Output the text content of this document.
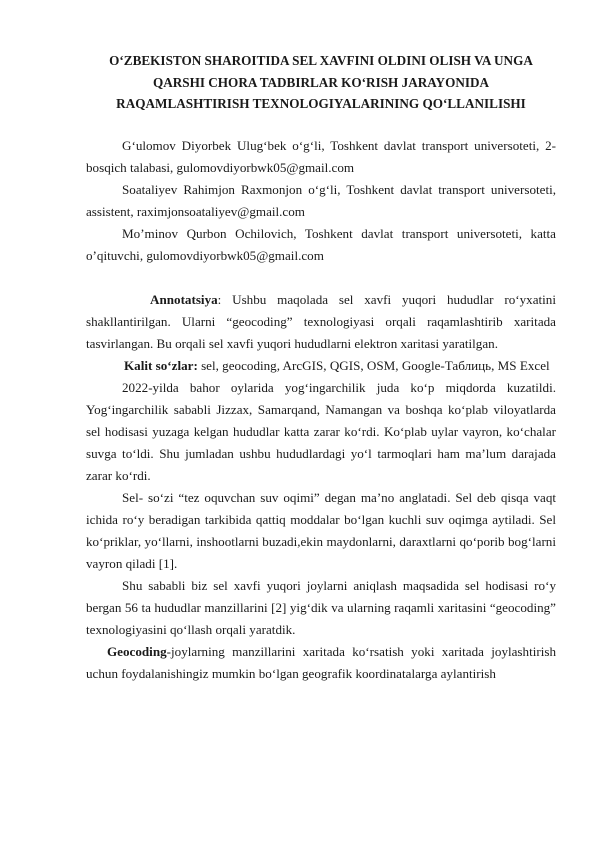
O‘ZBEKISTON SHAROITIDA SEL XAVFINI OLDINI OLISH VA UNGA
QARSHI CHORA TADBIRLAR KO‘RISH JARAYONIDA
RAQAMLASHTIRISH TEXNOLOGIYALARINING QO‘LLANILISHI

G‘ulomov Diyorbek Ulug‘bek o‘g‘li, Toshkent davlat transport universoteti, 2-bosqich talabasi, gulomovdiyorbwk05@gmail.com

Soataliyev Rahimjon Raxmonjon o‘g‘li, Toshkent davlat transport universoteti, assistent, raximjonsoataliyev@gmail.com

Mo’minov Qurbon Ochilovich, Toshkent davlat transport universoteti, katta o’qituvchi, gulomovdiyorbwk05@gmail.com

Annotatsiya: Ushbu maqolada sel xavfi yuqori hududlar ro‘yxatini shakllantirilgan. Ularni “geocoding” texnologiyasi orqali raqamlashtirib xaritada tasvirlangan. Bu orqali sel xavfi yuqori hududlarni elektron xaritasi yaratilgan.

Kalit so‘zlar: sel, geocoding, ArcGIS, QGIS, OSM, Google-Таблиць, MS Excel

2022-yilda bahor oylarida yog‘ingarchilik juda ko‘p miqdorda kuzatildi. Yog‘ingarchilik sababli Jizzax, Samarqand, Namangan va boshqa ko‘plab viloyatlarda sel hodisasi yuzaga kelgan hududlar katta zarar ko‘rdi. Ko‘plab uylar vayron, ko‘chalar suvga to‘ldi. Shu jumladan ushbu hududlardagi yo‘l tarmoqlari ham ma’lum darajada zarar ko‘rdi.

Sel- so‘zi “tez oquvchan suv oqimi” degan ma’no anglatadi. Sel deb qisqa vaqt ichida ro‘y beradigan tarkibida qattiq moddalar bo‘lgan kuchli suv oqimga aytiladi. Sel ko‘priklar, yo‘llarni, inshootlarni buzadi,ekin maydonlarni, daraxtlarni qo‘porib bog‘larni vayron qiladi [1].

Shu sababli biz sel xavfi yuqori joylarni aniqlash maqsadida sel hodisasi ro‘y bergan 56 ta hududlar manzillarini [2] yig‘dik va ularning raqamli xaritasini “geocoding” texnologiyasini qo‘llash orqali yaratdik.

Geocoding-joylarning manzillarini xaritada ko‘rsatish yoki xaritada joylashtirish uchun foydalanishingiz mumkin bo‘lgan geografik koordinatalarga aylantirish
